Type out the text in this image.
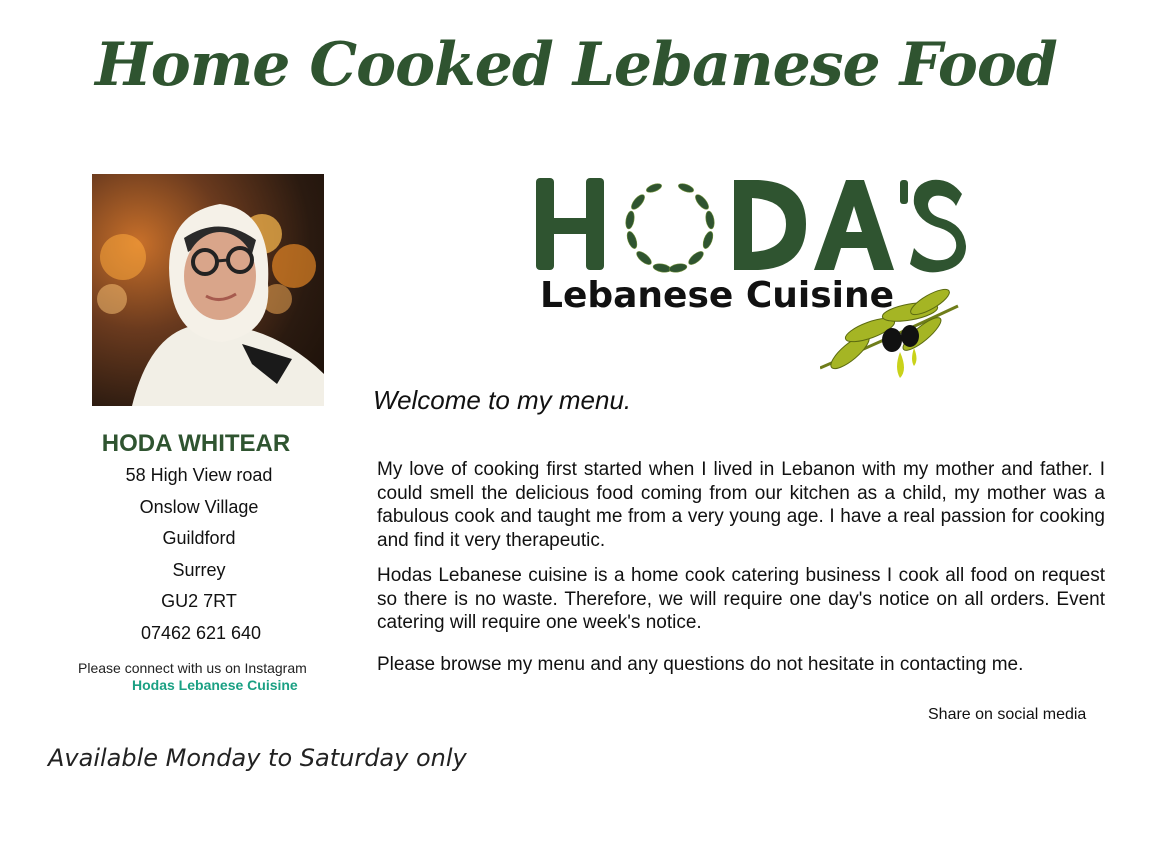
Home Cooked Lebanese Food
Lebanese Cuisine
HODA WHITEAR
58 High View road
Onslow Village
Guildford
Surrey
GU2 7RT
07462 621 640
Please connect with us on Instagram
Hodas Lebanese Cuisine
Available Monday to Saturday only
Welcome to my menu.

My love of cooking first started when I lived in Lebanon with my mother and father. I could smell the delicious food coming from our kitchen as a child, my mother was a fabulous cook and taught me from a very young age. I have a real passion for cooking and find it very therapeutic.

Hodas Lebanese cuisine is a home cook catering business I cook all food on request so there is no waste. Therefore, we will require one day's notice on all orders. Event catering will require one week's notice.

Please browse my menu and any questions do not hesitate in contacting me.

Share on social media
